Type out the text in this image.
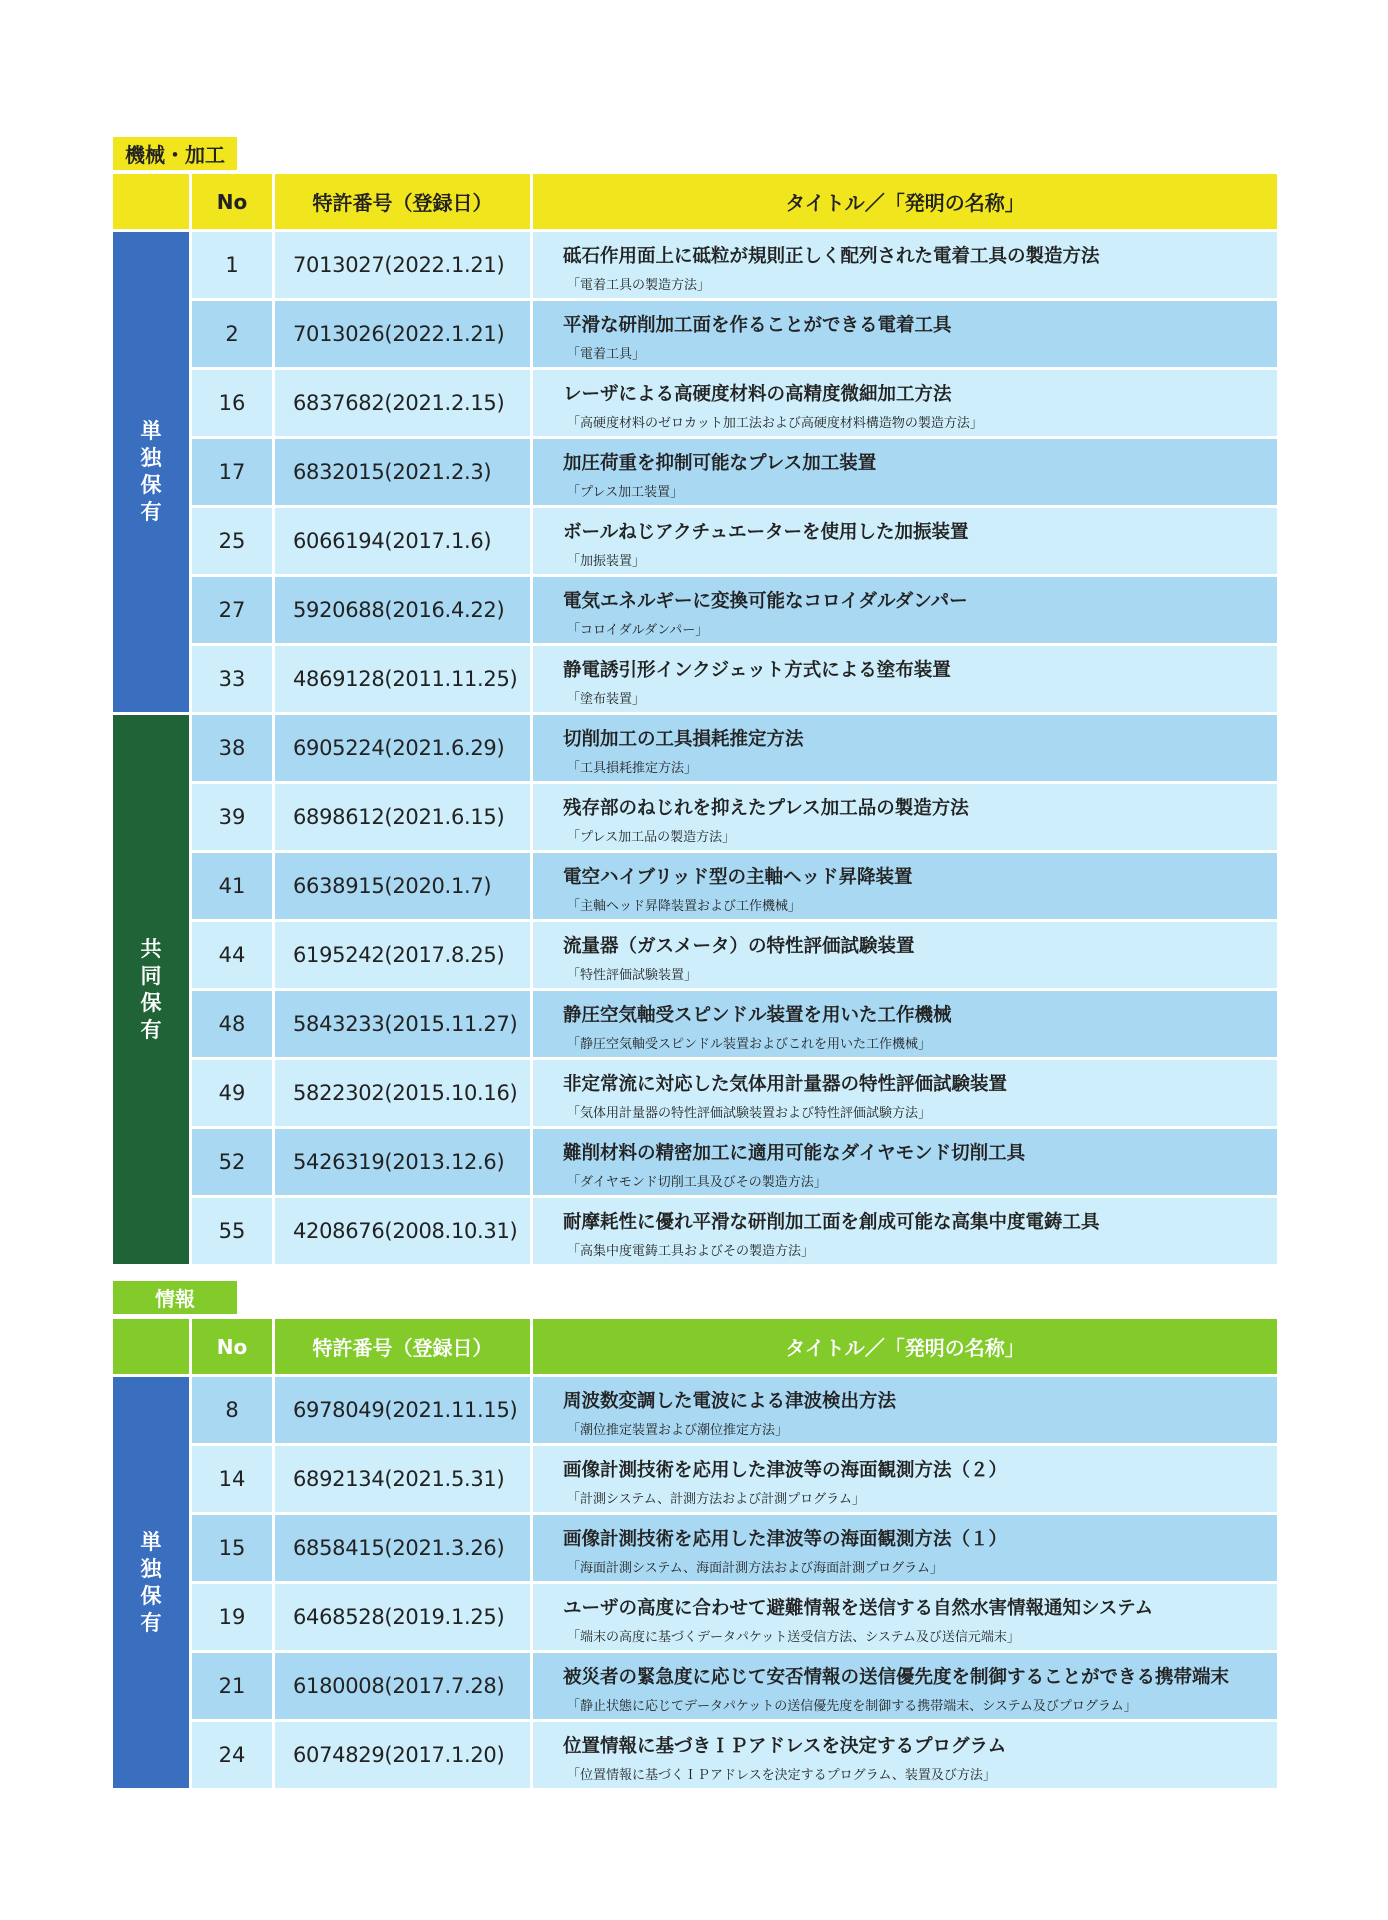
機械・加工
No	特許番号（登録日）	タイトル／「発明の名称」
単独保有
1	7013027(2022.1.21)	砥石作用面上に砥粒が規則正しく配列された電着工具の製造方法
「電着工具の製造方法」
2	7013026(2022.1.21)	平滑な研削加工面を作ることができる電着工具
「電着工具」
16	6837682(2021.2.15)	レーザによる高硬度材料の高精度微細加工方法
「高硬度材料のゼロカット加工法および高硬度材料構造物の製造方法」
17	6832015(2021.2.3)	加圧荷重を抑制可能なプレス加工装置
「プレス加工装置」
25	6066194(2017.1.6)	ボールねじアクチュエーターを使用した加振装置
「加振装置」
27	5920688(2016.4.22)	電気エネルギーに変換可能なコロイダルダンパー
「コロイダルダンパー」
33	4869128(2011.11.25)	静電誘引形インクジェット方式による塗布装置
「塗布装置」
共同保有
38	6905224(2021.6.29)	切削加工の工具損耗推定方法
「工具損耗推定方法」
39	6898612(2021.6.15)	残存部のねじれを抑えたプレス加工品の製造方法
「プレス加工品の製造方法」
41	6638915(2020.1.7)	電空ハイブリッド型の主軸ヘッド昇降装置
「主軸ヘッド昇降装置および工作機械」
44	6195242(2017.8.25)	流量器（ガスメータ）の特性評価試験装置
「特性評価試験装置」
48	5843233(2015.11.27)	静圧空気軸受スピンドル装置を用いた工作機械
「静圧空気軸受スピンドル装置およびこれを用いた工作機械」
49	5822302(2015.10.16)	非定常流に対応した気体用計量器の特性評価試験装置
「気体用計量器の特性評価試験装置および特性評価試験方法」
52	5426319(2013.12.6)	難削材料の精密加工に適用可能なダイヤモンド切削工具
「ダイヤモンド切削工具及びその製造方法」
55	4208676(2008.10.31)	耐摩耗性に優れ平滑な研削加工面を創成可能な高集中度電鋳工具
「高集中度電鋳工具およびその製造方法」
情報
No	特許番号（登録日）	タイトル／「発明の名称」
単独保有
8	6978049(2021.11.15)	周波数変調した電波による津波検出方法
「潮位推定装置および潮位推定方法」
14	6892134(2021.5.31)	画像計測技術を応用した津波等の海面観測方法（２）
「計測システム、計測方法および計測プログラム」
15	6858415(2021.3.26)	画像計測技術を応用した津波等の海面観測方法（１）
「海面計測システム、海面計測方法および海面計測プログラム」
19	6468528(2019.1.25)	ユーザの高度に合わせて避難情報を送信する自然水害情報通知システム
「端末の高度に基づくデータパケット送受信方法、システム及び送信元端末」
21	6180008(2017.7.28)	被災者の緊急度に応じて安否情報の送信優先度を制御することができる携帯端末
「静止状態に応じてデータパケットの送信優先度を制御する携帯端末、システム及びプログラム」
24	6074829(2017.1.20)	位置情報に基づきＩＰアドレスを決定するプログラム
「位置情報に基づくＩＰアドレスを決定するプログラム、装置及び方法」
